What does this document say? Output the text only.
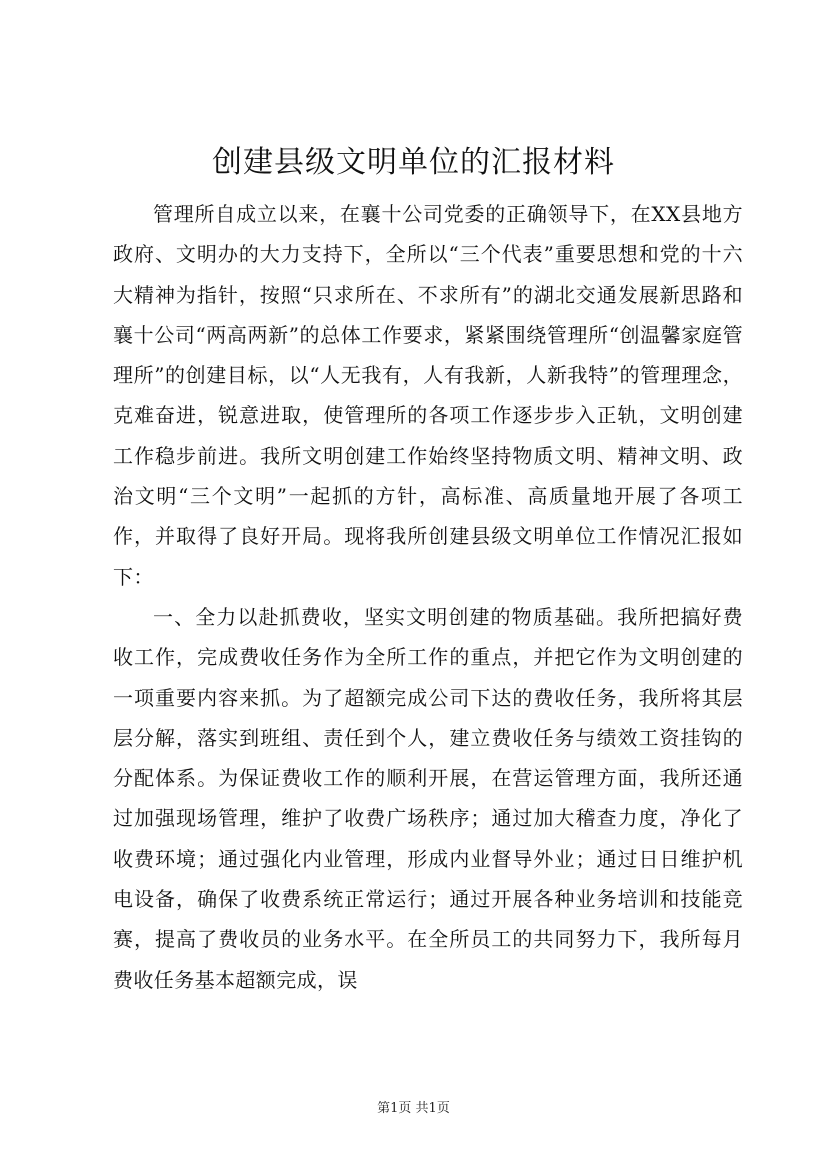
创建县级文明单位的汇报材料

管理所自成立以来，在襄十公司党委的正确领导下，在XX县地方政府、文明办的大力支持下，全所以“三个代表”重要思想和党的十六大精神为指针，按照“只求所在、不求所有”的湖北交通发展新思路和襄十公司“两高两新”的总体工作要求，紧紧围绕管理所“创温馨家庭管理所”的创建目标，以“人无我有，人有我新，人新我特”的管理理念，克难奋进，锐意进取，使管理所的各项工作逐步步入正轨，文明创建工作稳步前进。我所文明创建工作始终坚持物质文明、精神文明、政治文明“三个文明”一起抓的方针，高标准、高质量地开展了各项工作，并取得了良好开局。现将我所创建县级文明单位工作情况汇报如下：

一、全力以赴抓费收，坚实文明创建的物质基础。我所把搞好费收工作，完成费收任务作为全所工作的重点，并把它作为文明创建的一项重要内容来抓。为了超额完成公司下达的费收任务，我所将其层层分解，落实到班组、责任到个人，建立费收任务与绩效工资挂钩的分配体系。为保证费收工作的顺利开展，在营运管理方面，我所还通过加强现场管理，维护了收费广场秩序；通过加大稽查力度，净化了收费环境；通过强化内业管理，形成内业督导外业；通过日日维护机电设备，确保了收费系统正常运行；通过开展各种业务培训和技能竞赛，提高了费收员的业务水平。在全所员工的共同努力下，我所每月费收任务基本超额完成，误

第1页 共1页
